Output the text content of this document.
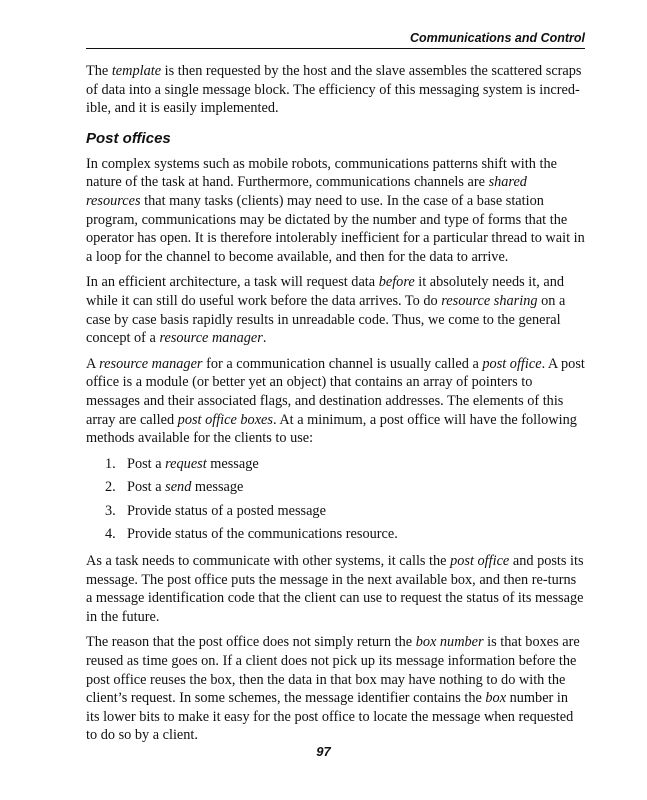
Communications and Control

The template is then requested by the host and the slave assembles the scattered scraps of data into a single message block. The efficiency of this messaging system is incred-ible, and it is easily implemented.

Post offices

In complex systems such as mobile robots, communications patterns shift with the nature of the task at hand. Furthermore, communications channels are shared resources that many tasks (clients) may need to use. In the case of a base station program, communications may be dictated by the number and type of forms that the operator has open. It is therefore intolerably inefficient for a particular thread to wait in a loop for the channel to become available, and then for the data to arrive.

In an efficient architecture, a task will request data before it absolutely needs it, and while it can still do useful work before the data arrives. To do resource sharing on a case by case basis rapidly results in unreadable code. Thus, we come to the general concept of a resource manager.

A resource manager for a communication channel is usually called a post office. A post office is a module (or better yet an object) that contains an array of pointers to messages and their associated flags, and destination addresses. The elements of this array are called post office boxes. At a minimum, a post office will have the following methods available for the clients to use:

1. Post a request message
2. Post a send message
3. Provide status of a posted message
4. Provide status of the communications resource.

As a task needs to communicate with other systems, it calls the post office and posts its message. The post office puts the message in the next available box, and then re-turns a message identification code that the client can use to request the status of its message in the future.

The reason that the post office does not simply return the box number is that boxes are reused as time goes on. If a client does not pick up its message information before the post office reuses the box, then the data in that box may have nothing to do with the client’s request. In some schemes, the message identifier contains the box number in its lower bits to make it easy for the post office to locate the message when requested to do so by a client.

97
